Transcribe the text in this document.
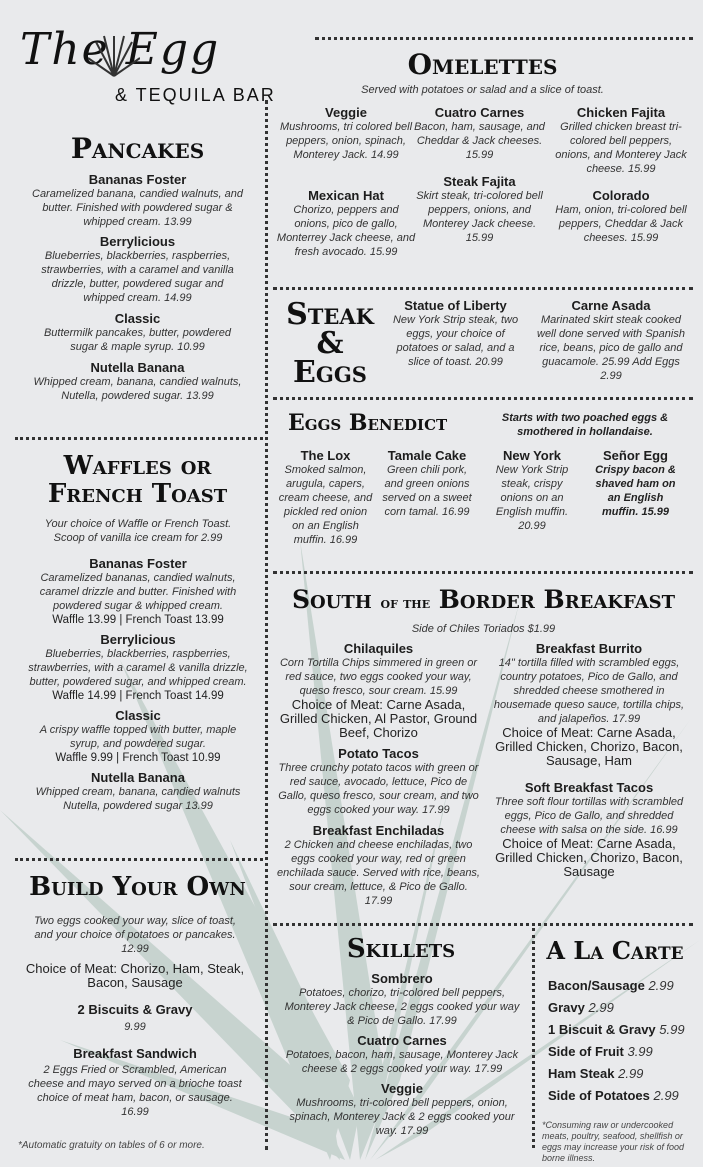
The Egg
& TEQUILA BAR
Pancakes
Bananas Foster
Caramelized banana, candied walnuts, and butter. Finished with powdered sugar & whipped cream. 13.99
Berrylicious
Blueberries, blackberries, raspberries, strawberries, with a caramel and vanilla drizzle, butter, powdered sugar and whipped cream. 14.99
Classic
Buttermilk pancakes, butter, powdered sugar & maple syrup. 10.99
Nutella Banana
Whipped cream, banana, candied walnuts, Nutella, powdered sugar. 13.99
Waffles or
French Toast
Your choice of Waffle or French Toast. Scoop of vanilla ice cream for 2.99
Bananas Foster
Caramelized bananas, candied walnuts, caramel drizzle and butter. Finished with powdered sugar & whipped cream.
Waffle 13.99 | French Toast 13.99
Berrylicious
Blueberries, blackberries, raspberries, strawberries, with a caramel & vanilla drizzle, butter, powdered sugar, and whipped cream.
Waffle 14.99 | French Toast 14.99
Classic
A crispy waffle topped with butter, maple syrup, and powdered sugar.
Waffle 9.99 | French Toast 10.99
Nutella Banana
Whipped cream, banana, candied walnuts Nutella, powdered sugar 13.99
Build Your Own
Two eggs cooked your way, slice of toast, and your choice of potatoes or pancakes. 12.99
Choice of Meat: Chorizo, Ham, Steak, Bacon, Sausage
2 Biscuits & Gravy
9.99
Breakfast Sandwich
2 Eggs Fried or Scrambled, American cheese and mayo served on a brioche toast choice of meat ham, bacon, or sausage.
16.99
*Automatic gratuity on tables of 6 or more.
Omelettes
Served with potatoes or salad and a slice of toast.
Veggie
Mushrooms, tri colored bell peppers, onion, spinach, Monterey Jack. 14.99
Cuatro Carnes
Bacon, ham, sausage, and Cheddar & Jack cheeses. 15.99
Chicken Fajita
Grilled chicken breast tri-colored bell peppers, onions, and Monterey Jack cheese. 15.99
Mexican Hat
Chorizo, peppers and onions, pico de gallo, Monterrey Jack cheese, and fresh avocado. 15.99
Steak Fajita
Skirt steak, tri-colored bell peppers, onions, and Monterey Jack cheese. 15.99
Colorado
Ham, onion, tri-colored bell peppers, Cheddar & Jack cheeses. 15.99
Steak
&
Eggs
Statue of Liberty
New York Strip steak, two eggs, your choice of potatoes or salad, and a slice of toast. 20.99
Carne Asada
Marinated skirt steak cooked well done served with Spanish rice, beans, pico de gallo and guacamole. 25.99 Add Eggs 2.99
Eggs Benedict	Starts with two poached eggs & smothered in hollandaise.
The Lox
Smoked salmon, arugula, capers, cream cheese, and pickled red onion on an English muffin. 16.99
Tamale Cake
Green chili pork, and green onions served on a sweet corn tamal. 16.99
New York
New York Strip steak, crispy onions on an English muffin. 20.99
Señor Egg
Crispy bacon & shaved ham on an English muffin. 15.99
South of the Border Breakfast
Side of Chiles Toriados $1.99
Chilaquiles
Corn Tortilla Chips simmered in green or red sauce, two eggs cooked your way, queso fresco, sour cream. 15.99
Choice of Meat: Carne Asada, Grilled Chicken, Al Pastor, Ground Beef, Chorizo
Potato Tacos
Three crunchy potato tacos with green or red sauce, avocado, lettuce, Pico de Gallo, queso fresco, sour cream, and two eggs cooked your way. 17.99
Breakfast Enchiladas
2 Chicken and cheese enchiladas, two eggs cooked your way, red or green enchilada sauce. Served with rice, beans, sour cream, lettuce, & Pico de Gallo. 17.99
Breakfast Burrito
14" tortilla filled with scrambled eggs, country potatoes, Pico de Gallo, and shredded cheese smothered in housemade queso sauce, tortilla chips, and jalapeños. 17.99
Choice of Meat: Carne Asada, Grilled Chicken, Chorizo, Bacon, Sausage, Ham
Soft Breakfast Tacos
Three soft flour tortillas with scrambled eggs, Pico de Gallo, and shredded cheese with salsa on the side. 16.99
Choice of Meat: Carne Asada, Grilled Chicken, Chorizo, Bacon, Sausage
Skillets
Sombrero
Potatoes, chorizo, tri-colored bell peppers, Monterey Jack cheese, 2 eggs cooked your way & Pico de Gallo. 17.99
Cuatro Carnes
Potatoes, bacon, ham, sausage, Monterey Jack cheese & 2 eggs cooked your way. 17.99
Veggie
Mushrooms, tri-colored bell peppers, onion, spinach, Monterey Jack & 2 eggs cooked your way. 17.99
A La Carte
Bacon/Sausage 2.99
Gravy 2.99
1 Biscuit & Gravy 5.99
Side of Fruit 3.99
Ham Steak 2.99
Side of Potatoes 2.99
*Consuming raw or undercooked meats, poultry, seafood, shellfish or eggs may increase your risk of food borne illness.
